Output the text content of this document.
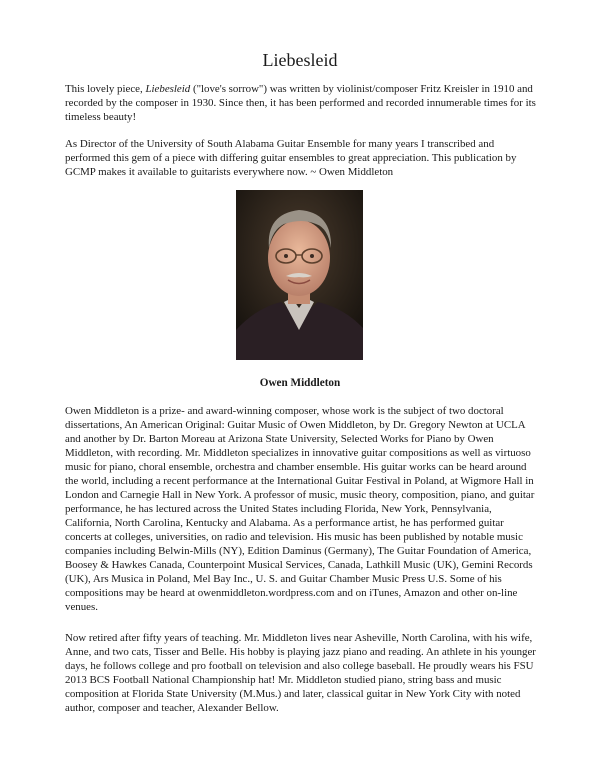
Liebesleid

This lovely piece, Liebesleid ("love's sorrow") was written by violinist/composer Fritz Kreisler in 1910 and recorded by the composer in 1930. Since then, it has been performed and recorded innumerable times for its timeless beauty!

As Director of the University of South Alabama Guitar Ensemble for many years I transcribed and performed this gem of a piece with differing guitar ensembles to great appreciation. This publication by GCMP makes it available to guitarists everywhere now. ~ Owen Middleton

Owen Middleton

Owen Middleton is a prize- and award-winning composer, whose work is the subject of two doctoral dissertations, An American Original: Guitar Music of Owen Middleton, by Dr. Gregory Newton at UCLA and another by Dr. Barton Moreau at Arizona State University, Selected Works for Piano by Owen Middleton, with recording. Mr. Middleton specializes in innovative guitar compositions as well as virtuoso music for piano, choral ensemble, orchestra and chamber ensemble. His guitar works can be heard around the world, including a recent performance at the International Guitar Festival in Poland, at Wigmore Hall in London and Carnegie Hall in New York. A professor of music, music theory, composition, piano, and guitar performance, he has lectured across the United States including Florida, New York, Pennsylvania, California, North Carolina, Kentucky and Alabama. As a performance artist, he has performed guitar concerts at colleges, universities, on radio and television. His music has been published by notable music companies including Belwin-Mills (NY), Edition Daminus (Germany), The Guitar Foundation of America, Boosey & Hawkes Canada, Counterpoint Musical Services, Canada, Lathkill Music (UK), Gemini Records (UK), Ars Musica in Poland, Mel Bay Inc., U. S. and Guitar Chamber Music Press U.S. Some of his compositions may be heard at owenmiddleton.wordpress.com and on iTunes, Amazon and other on-line venues.

Now retired after fifty years of teaching. Mr. Middleton lives near Asheville, North Carolina, with his wife, Anne, and two cats, Tisser and Belle. His hobby is playing jazz piano and reading. An athlete in his younger days, he follows college and pro football on television and also college baseball. He proudly wears his FSU 2013 BCS Football National Championship hat! Mr. Middleton studied piano, string bass and music composition at Florida State University (M.Mus.) and later, classical guitar in New York City with noted author, composer and teacher, Alexander Bellow.
